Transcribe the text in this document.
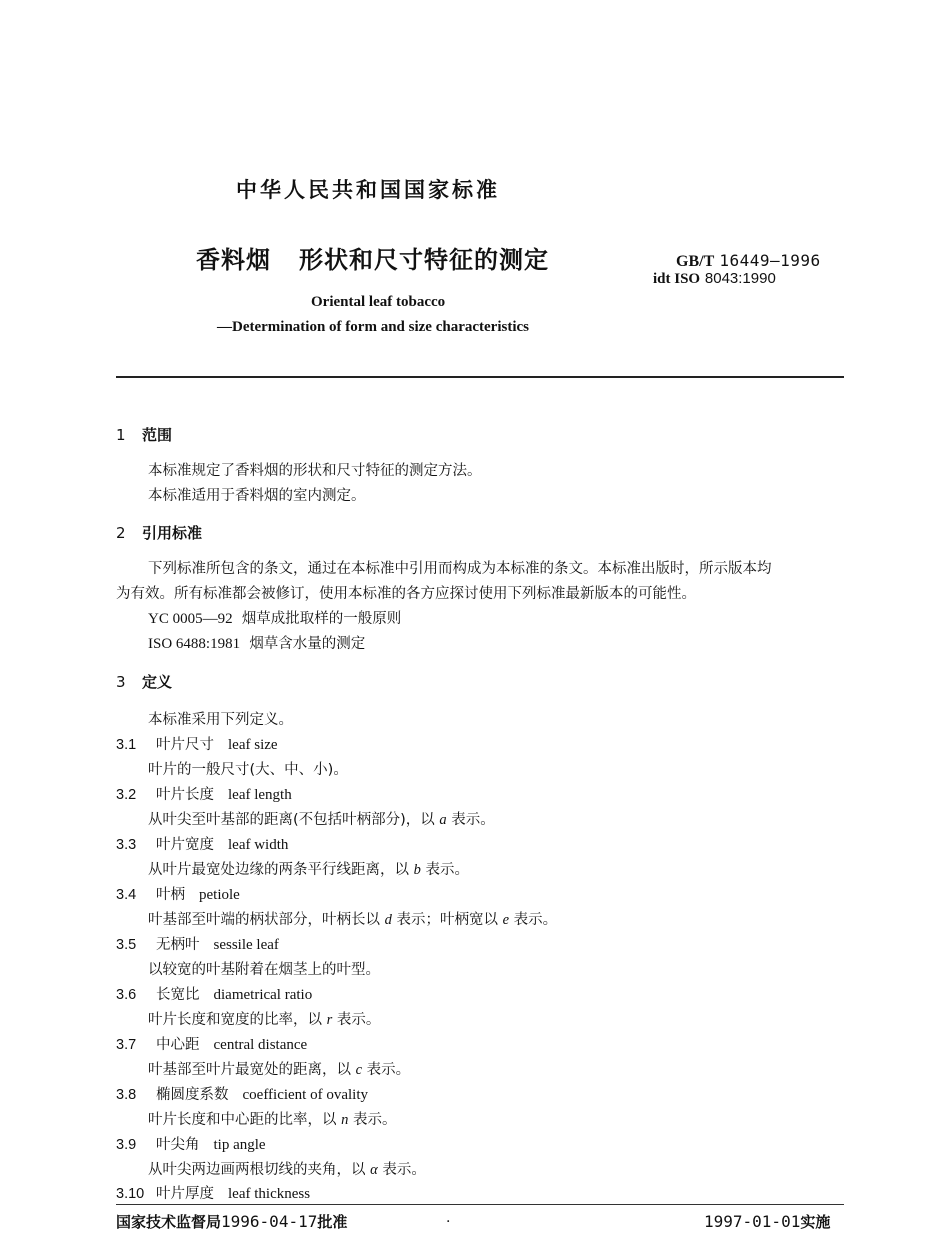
中华人民共和国国家标准
香料烟 形状和尺寸特征的测定	GB/T 16449—1996
idt ISO 8043:1990
Oriental leaf tobacco
—Determination of form and size characteristics
1 范围
本标准规定了香料烟的形状和尺寸特征的测定方法。
本标准适用于香料烟的室内测定。
2 引用标准
下列标准所包含的条文，通过在本标准中引用而构成为本标准的条文。本标准出版时，所示版本均
为有效。所有标准都会被修订，使用本标准的各方应探讨使用下列标准最新版本的可能性。
YC 0005—92 烟草成批取样的一般原则
ISO 6488:1981 烟草含水量的测定
3 定义
本标准采用下列定义。
3.1 叶片尺寸 leaf size
叶片的一般尺寸(大、中、小)。
3.2 叶片长度 leaf length
从叶尖至叶基部的距离(不包括叶柄部分)，以 a 表示。
3.3 叶片宽度 leaf width
从叶片最宽处边缘的两条平行线距离，以 b 表示。
3.4 叶柄 petiole
叶基部至叶端的柄状部分，叶柄长以 d 表示；叶柄宽以 e 表示。
3.5 无柄叶 sessile leaf
以较宽的叶基附着在烟茎上的叶型。
3.6 长宽比 diametrical ratio
叶片长度和宽度的比率，以 r 表示。
3.7 中心距 central distance
叶基部至叶片最宽处的距离，以 c 表示。
3.8 椭圆度系数 coefficient of ovality
叶片长度和中心距的比率，以 n 表示。
3.9 叶尖角 tip angle
从叶尖两边画两根切线的夹角，以 α 表示。
3.10 叶片厚度 leaf thickness
国家技术监督局1996-04-17批准	·	1997-01-01实施
